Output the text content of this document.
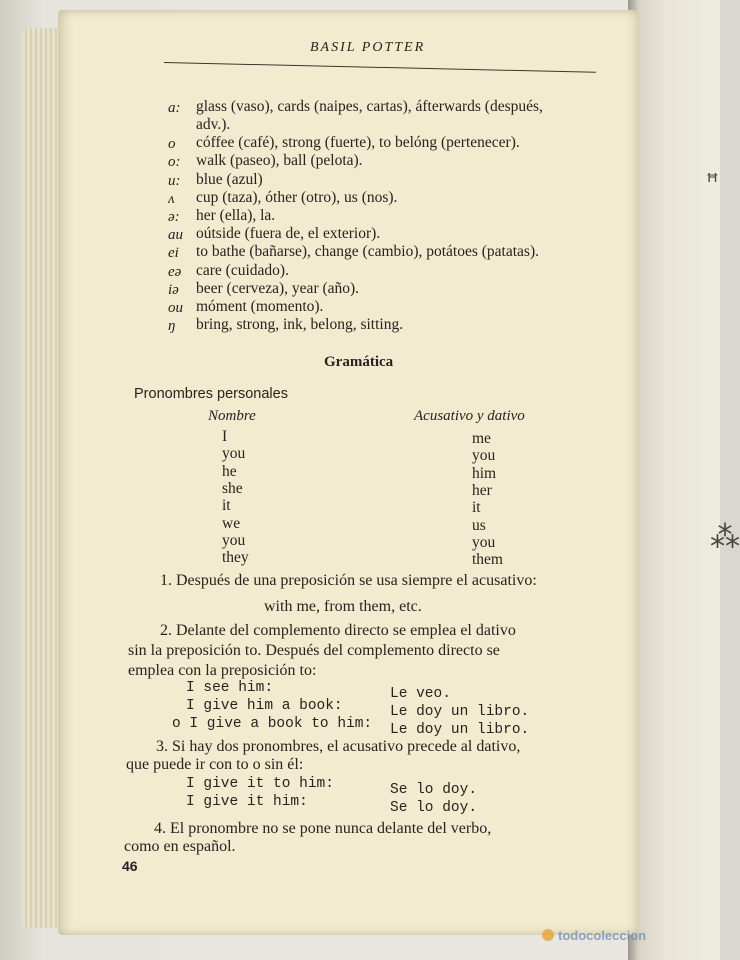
ꟸ
⁂
BASIL POTTER
a: glass (vaso), cards (naipes, cartas), áfterwards (después,
adv.).
o cóffee (café), strong (fuerte), to belóng (pertenecer).
o: walk (paseo), ball (pelota).
u: blue (azul)
ʌ cup (taza), óther (otro), us (nos).
ə: her (ella), la.
au oútside (fuera de, el exterior).
ei to bathe (bañarse), change (cambio), potátoes (patatas).
eə care (cuidado).
iə beer (cerveza), year (año).
ou móment (momento).
ŋ bring, strong, ink, belong, sitting.
Gramática
Pronombres personales
Nombre	Acusativo y dativo
I	me
you	you
he	him
she	her
it	it
we	us
you	you
they	them
1. Después de una preposición se usa siempre el acusativo:
with me, from them, etc.
2. Delante del complemento directo se emplea el dativo
sin la preposición to. Después del complemento directo se
emplea con la preposición to:
I see him:	Le veo.
I give him a book:	Le doy un libro.
o I give a book to him: Le doy un libro.
3. Si hay dos pronombres, el acusativo precede al dativo,
que puede ir con to o sin él:
I give it to him:	Se lo doy.
I give it him:	Se lo doy.
4. El pronombre no se pone nunca delante del verbo,
como en español.
46
todocoleccion
